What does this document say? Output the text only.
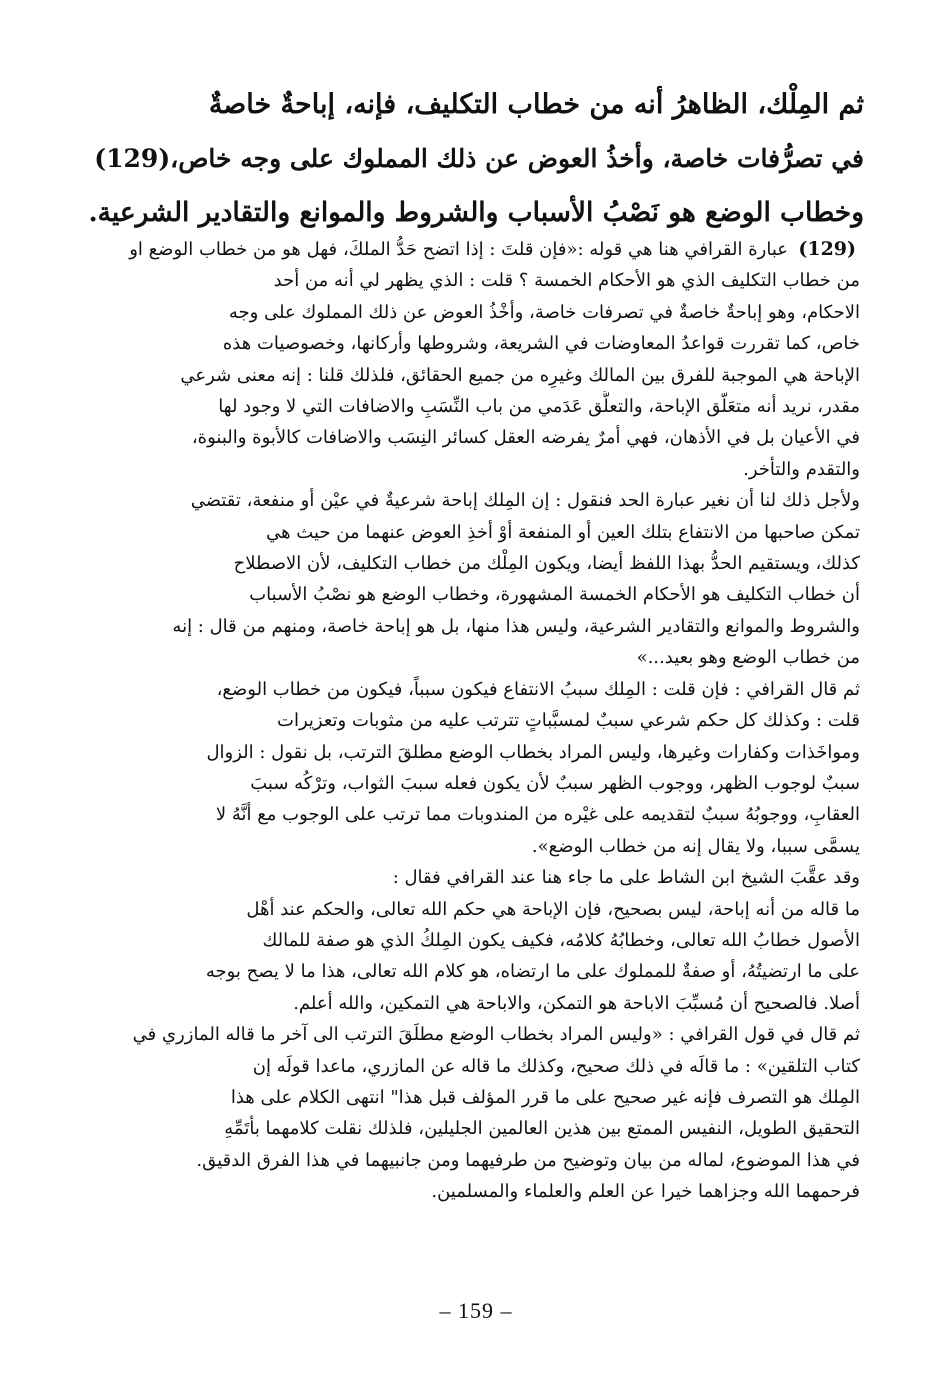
ثم المِلْك، الظاهرُ أنه من خطاب التكليف، فإنه، إباحةٌ خاصةٌ
في تصرُّفات خاصة، وأخذُ العوض عن ذلك المملوك على وجه خاص،(129)
وخطاب الوضع هو نَصْبُ الأسباب والشروط والموانع والتقادير الشرعية.
(129)
عبارة القرافي هنا هي قوله :«فإن قلتَ : إذا اتضح حَدُّ الملكَ، فهل هو من خطاب الوضع او
من خطاب التكليف الذي هو الأحكام الخمسة ؟ قلت : الذي يظهر لي أنه من أحد
الاحكام، وهو إباحةٌ خاصةٌ في تصرفات خاصة، وأخْذُ العوض عن ذلك المملوك على وجه
خاص، كما تقررت قواعدُ المعاوضات في الشريعة، وشروطها وأركانها، وخصوصيات هذه
الإباحة هي الموجبة للفرق بين المالك وغيرِه من جميع الحقائق، فلذلك قلنا : إنه معنى شرعي
مقدر، نريد أنه متعَلّق الإباحة، والتعلُّق عَدَمي من باب النِّسَبِ والاضافات التي لا وجود لها
في الأعيان بل في الأذهان، فهي أمرٌ يفرضه العقل كسائر النِسَب والاضافات كالأبوة والبنوة،
والتقدم والتأخر.
ولأجل ذلك لنا أن نغير عبارة الحد فنقول : إن المِلك إباحة شرعيةٌ في عيْن أو منفعة، تقتضي
تمكن صاحبها من الانتفاع بتلك العين أو المنفعة أوْ أخذِ العوض عنهما من حيث هي
كذلك، ويستقيم الحدُّ بهذا اللفظ أيضا، ويكون المِلْك من خطاب التكليف، لأن الاصطلاح
أن خطاب التكليف هو الأحكام الخمسة المشهورة، وخطاب الوضع هو نصْبُ الأسباب
والشروط والموانع والتقادير الشرعية، وليس هذا منها، بل هو إباحة خاصة، ومنهم من قال : إنه
من خطاب الوضع وهو بعيد...»
ثم قال القرافي : فإن قلت : المِلك سببُ الانتفاع فيكون سبباً، فيكون من خطاب الوضع،
قلت : وكذلك كل حكم شرعي سببٌ لمسبَّباتٍ تترتب عليه من مثوبات وتعزيرات
ومواخَذات وكفارات وغيرها، وليس المراد بخطاب الوضع مطلقَ الترتب، بل نقول : الزوال
سببٌ لوجوب الظهر، ووجوب الظهر سببٌ لأن يكون فعله سببَ الثواب، وترْكُه سببَ
العقابِ، ووجوبُهُ سببٌ لتقديمه على غيْره من المندوبات مما ترتب على الوجوب مع أنَّهُ لا
يسمَّى سببا، ولا يقال إنه من خطاب الوضع».
وقد عقَّبَ الشيخ ابن الشاط على ما جاء هنا عند القرافي فقال :
ما قاله من أنه إباحة، ليس بصحيح، فإن الإباحة هي حكم الله تعالى، والحكم عند أهْل
الأصول خطابُ الله تعالى، وخطابُهُ كلامُه، فكيف يكون المِلكُ الذي هو صفة للمالك
على ما ارتضيتُهُ، أو صفةٌ للمملوك على ما ارتضاه، هو كلام الله تعالى، هذا ما لا يصح بوجه
أصلا. فالصحيح أن مُسبِّبَ الاباحة هو التمكن، والاباحة هي التمكين، والله أعلم.
ثم قال في قول القرافي : «وليس المراد بخطاب الوضع مطلَقَ الترتب الى آخر ما قاله المازري في
كتاب التلقين» : ما قالَه في ذلك صحيح، وكذلك ما قاله عن المازري، ماعدا قولَه إن
المِلك هو التصرف فإنه غير صحيح على ما قرر المؤلف قبل هذا" انتهى الكلام على هذا
التحقيق الطويل، النفيس الممتع بين هذين العالمين الجليلين، فلذلك نقلت كلامهما بأتَمِّهِ
في هذا الموضوع، لماله من بيان وتوضيح من طرفيهما ومن جانبيهما في هذا الفرق الدقيق.
فرحمهما الله وجزاهما خيرا عن العلم والعلماء والمسلمين.
– 159 –
